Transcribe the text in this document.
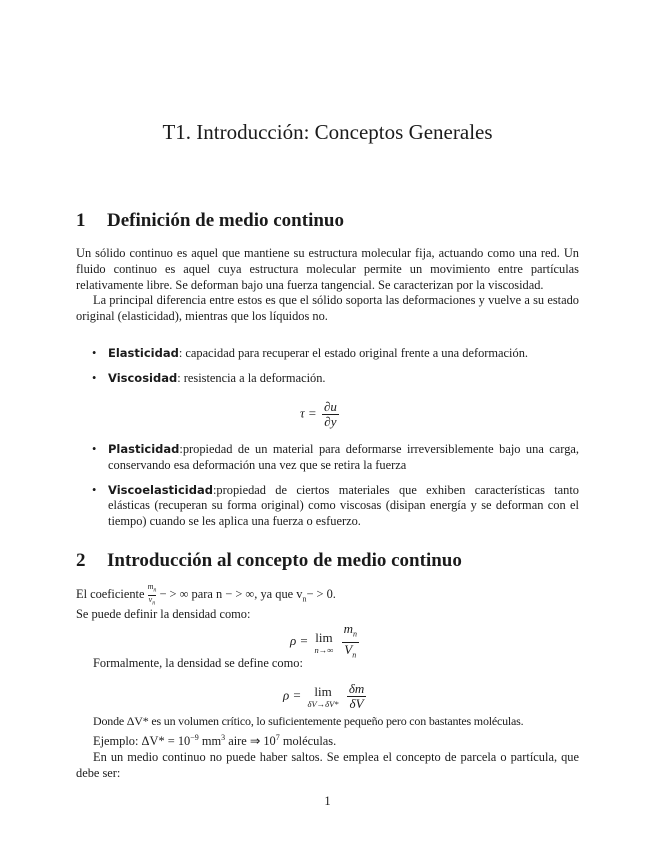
T1. Introducción: Conceptos Generales
1 Definición de medio continuo
Un sólido continuo es aquel que mantiene su estructura molecular fija, actuando como una red. Un fluido continuo es aquel cuya estructura molecular permite un movimiento entre partículas relativamente libre. Se deforman bajo una fuerza tangencial. Se caracterizan por la viscosidad.
La principal diferencia entre estos es que el sólido soporta las deformaciones y vuelve a su estado original (elasticidad), mientras que los líquidos no.
• Elasticidad: capacidad para recuperar el estado original frente a una deformación.
• Viscosidad: resistencia a la deformación.
$\tau = \frac{\partial u}{\partial y}$
• Plasticidad:propiedad de un material para deformarse irreversiblemente bajo una carga, conservando esa deformación una vez que se retira la fuerza
• Viscoelasticidad:propiedad de ciertos materiales que exhiben características tanto elásticas (recuperan su forma original) como viscosas (disipan energía y se deforman con el tiempo) cuando se les aplica una fuerza o esfuerzo.
2 Introducción al concepto de medio continuo
El coeficiente $\frac{m_n}{v_n}$ − > ∞ para n − > ∞, ya que $v_n- > 0$.
Se puede definir la densidad como:
ρ = lim
n→∞
$\frac{m_n}{V_n}$
Formalmente, la densidad se define como:
ρ = lim
δV→δV*
$\frac{\delta m}{\delta V}$
Donde ΔV* es un volumen crítico, lo suficientemente pequeño pero con bastantes moléculas.
Ejemplo: $\Delta V* = 10^{-9}$ $mm^3$ aire ⇒ $10^7$ moléculas.
En un medio continuo no puede haber saltos. Se emplea el concepto de parcela o partícula, que debe ser:
1
